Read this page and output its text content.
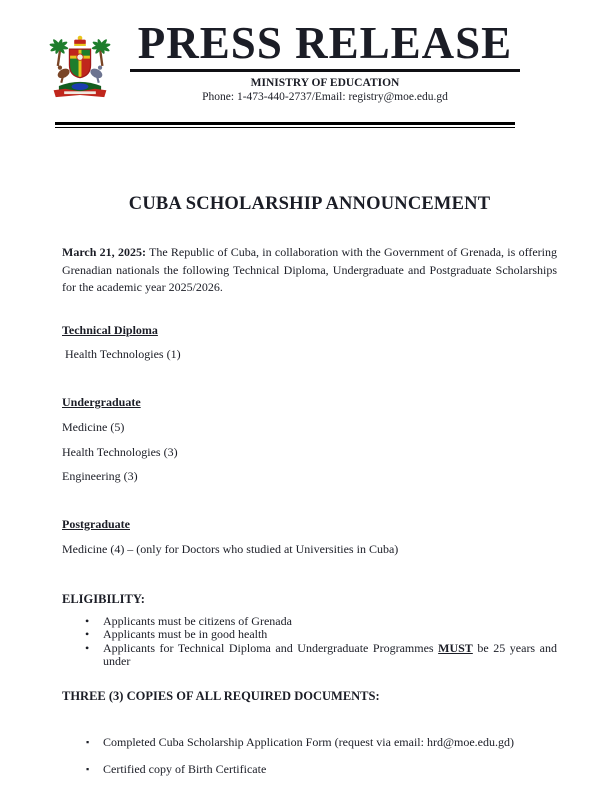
PRESS RELEASE
MINISTRY OF EDUCATION
Phone: 1-473-440-2737/Email: registry@moe.edu.gd
CUBA SCHOLARSHIP ANNOUNCEMENT

March 21, 2025: The Republic of Cuba, in collaboration with the Government of Grenada, is offering Grenadian nationals the following Technical Diploma, Undergraduate and Postgraduate Scholarships for the academic year 2025/2026.

Technical Diploma

Health Technologies (1)

Undergraduate

Medicine (5)

Health Technologies (3)

Engineering (3)

Postgraduate

Medicine (4) – (only for Doctors who studied at Universities in Cuba)

ELIGIBILITY:

• Applicants must be citizens of Grenada
• Applicants must be in good health
• Applicants for Technical Diploma and Undergraduate Programmes MUST be 25 years and under

THREE (3) COPIES OF ALL REQUIRED DOCUMENTS:

▪ Completed Cuba Scholarship Application Form (request via email: hrd@moe.edu.gd)
▪ Certified copy of Birth Certificate
